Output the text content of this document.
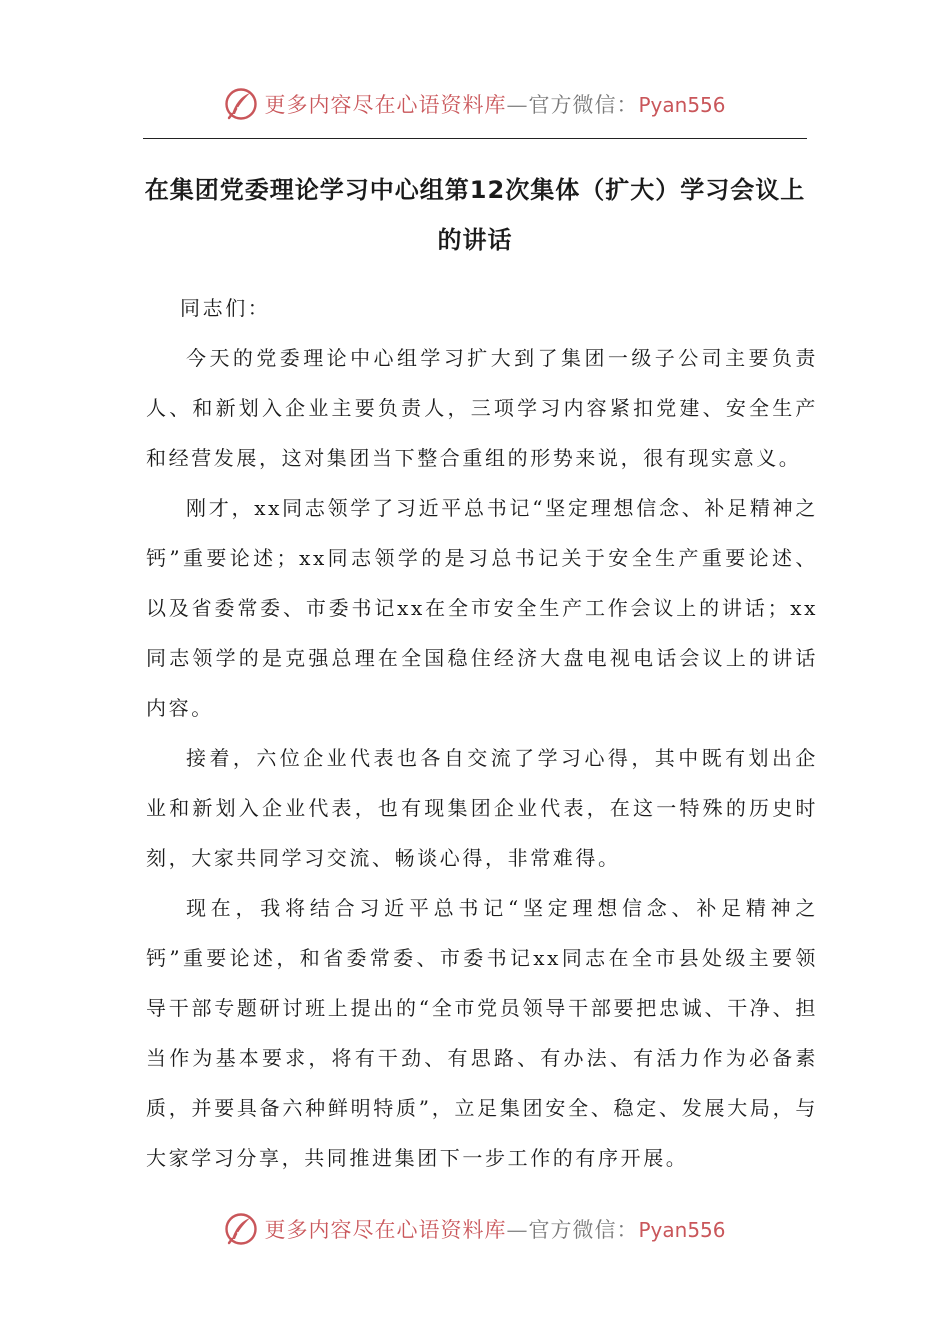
更多内容尽在心语资料库—官方微信：Pyan556
在集团党委理论学习中心组第12次集体（扩大）学习会议上的讲话

同志们：

今天的党委理论中心组学习扩大到了集团一级子公司主要负责人、和新划入企业主要负责人，三项学习内容紧扣党建、安全生产和经营发展，这对集团当下整合重组的形势来说，很有现实意义。

刚才，xx同志领学了习近平总书记“坚定理想信念、补足精神之钙”重要论述；xx同志领学的是习总书记关于安全生产重要论述、以及省委常委、市委书记xx在全市安全生产工作会议上的讲话；xx同志领学的是克强总理在全国稳住经济大盘电视电话会议上的讲话内容。

接着，六位企业代表也各自交流了学习心得，其中既有划出企业和新划入企业代表，也有现集团企业代表，在这一特殊的历史时刻，大家共同学习交流、畅谈心得，非常难得。

现在，我将结合习近平总书记“坚定理想信念、补足精神之钙”重要论述，和省委常委、市委书记xx同志在全市县处级主要领导干部专题研讨班上提出的“全市党员领导干部要把忠诚、干净、担当作为基本要求，将有干劲、有思路、有办法、有活力作为必备素质，并要具备六种鲜明特质”，立足集团安全、稳定、发展大局，与大家学习分享，共同推进集团下一步工作的有序开展。

更多内容尽在心语资料库—官方微信：Pyan556
